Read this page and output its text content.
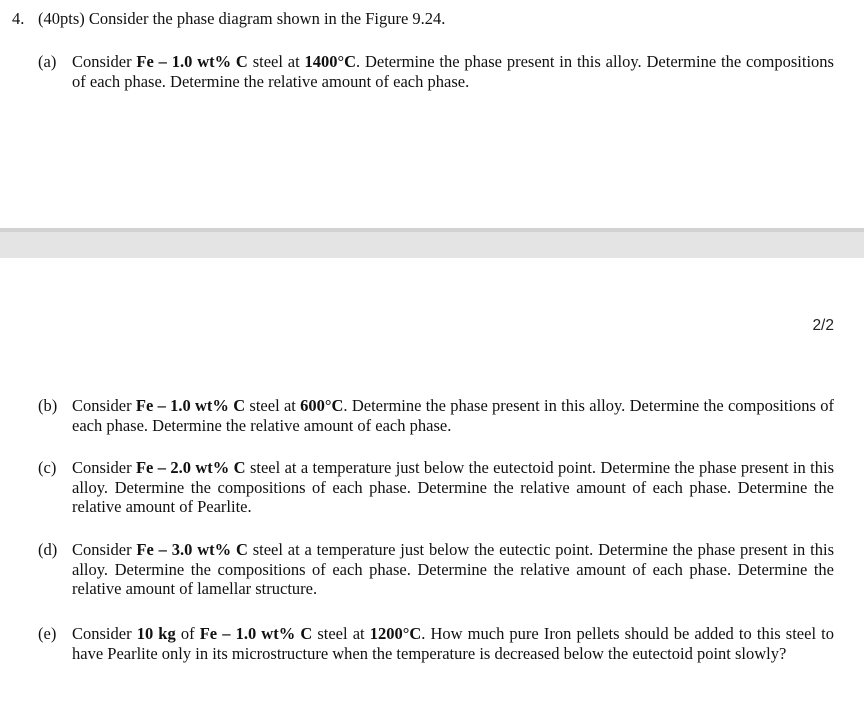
4. (40pts) Consider the phase diagram shown in the Figure 9.24.
(a) Consider Fe – 1.0 wt% C steel at 1400°C. Determine the phase present in this alloy. Determine the compositions of each phase. Determine the relative amount of each phase.
2/2
(b) Consider Fe – 1.0 wt% C steel at 600°C. Determine the phase present in this alloy. Determine the compositions of each phase. Determine the relative amount of each phase.
(c) Consider Fe – 2.0 wt% C steel at a temperature just below the eutectoid point. Determine the phase present in this alloy. Determine the compositions of each phase. Determine the relative amount of each phase. Determine the relative amount of Pearlite.
(d) Consider Fe – 3.0 wt% C steel at a temperature just below the eutectic point. Determine the phase present in this alloy. Determine the compositions of each phase. Determine the relative amount of each phase. Determine the relative amount of lamellar structure.
(e) Consider 10 kg of Fe – 1.0 wt% C steel at 1200°C. How much pure Iron pellets should be added to this steel to have Pearlite only in its microstructure when the temperature is decreased below the eutectoid point slowly?
